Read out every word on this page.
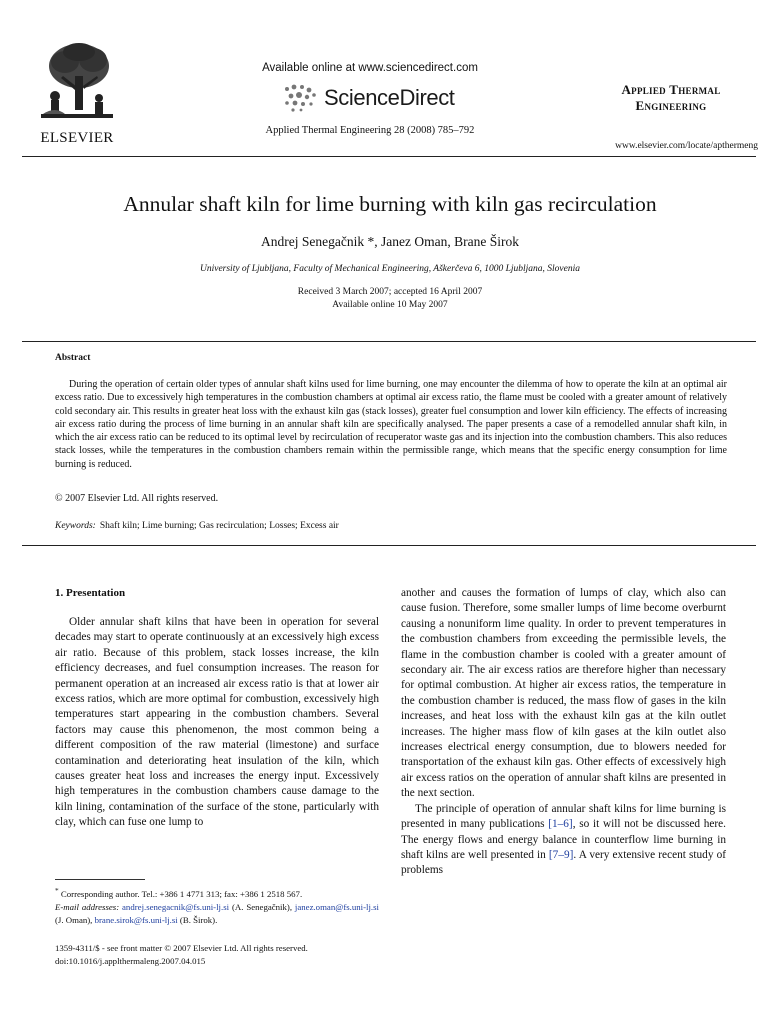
ELSEVIER
Available online at www.sciencedirect.com
ScienceDirect
Applied Thermal Engineering 28 (2008) 785–792
Applied Thermal
Engineering
www.elsevier.com/locate/apthermeng
Annular shaft kiln for lime burning with kiln gas recirculation
Andrej Senegačnik *, Janez Oman, Brane Širok
University of Ljubljana, Faculty of Mechanical Engineering, Aškerčeva 6, 1000 Ljubljana, Slovenia
Received 3 March 2007; accepted 16 April 2007
Available online 10 May 2007
Abstract

During the operation of certain older types of annular shaft kilns used for lime burning, one may encounter the dilemma of how to operate the kiln at an optimal air excess ratio. Due to excessively high temperatures in the combustion chambers at optimal air excess ratio, the flame must be cooled with a greater amount of relatively cold secondary air. This results in greater heat loss with the exhaust kiln gas (stack losses), greater fuel consumption and lower kiln efficiency. The effects of increasing air excess ratio during the process of lime burning in an annular shaft kiln are specifically analysed. The paper presents a case of a remodelled annular shaft kiln, in which the air excess ratio can be reduced to its optimal level by recirculation of recuperator waste gas and its injection into the combustion chambers. This also reduces stack losses, while the temperatures in the combustion chambers remain within the permissible range, which means that the specific energy consumption for lime burning is reduced.

© 2007 Elsevier Ltd. All rights reserved.
Keywords: Shaft kiln; Lime burning; Gas recirculation; Losses; Excess air
1. Presentation

Older annular shaft kilns that have been in operation for several decades may start to operate continuously at an excessively high excess air ratio. Because of this problem, stack losses increase, the kiln efficiency decreases, and fuel consumption increases. The reason for permanent operation at an increased air excess ratio is that at lower air excess ratios, which are more optimal for combustion, excessively high temperatures start appearing in the combustion chambers. Several factors may cause this phenomenon, the most common being a different composition of the raw material (limestone) and surface contamination and deteriorating heat insulation of the kiln, which causes greater heat loss and increases the energy input. Excessively high temperatures in the combustion chambers cause damage to the kiln lining, contamination of the surface of the stone, particularly with clay, which can fuse one lump to

another and causes the formation of lumps of clay, which also can cause fusion. Therefore, some smaller lumps of lime become overburnt causing a nonuniform lime quality. In order to prevent temperatures in the combustion chambers from exceeding the permissible levels, the flame in the combustion chamber is cooled with a greater amount of secondary air. The air excess ratios are therefore higher than necessary for optimal combustion. At higher air excess ratios, the temperature in the combustion chamber is reduced, the mass flow of gases in the kiln increases, and heat loss with the exhaust kiln gas at the kiln outlet increases. The higher mass flow of kiln gases at the kiln outlet also increases electrical energy consumption, due to blowers needed for transportation of the exhaust kiln gas. Other effects of excessively high air excess ratios on the operation of annular shaft kilns are presented in the next section.

The principle of operation of annular shaft kilns for lime burning is presented in many publications [1–6], so it will not be discussed here. The energy flows and energy balance in counterflow lime burning in shaft kilns are well presented in [7–9]. A very extensive recent study of problems

* Corresponding author. Tel.: +386 1 4771 313; fax: +386 1 2518 567.
E-mail addresses: andrej.senegacnik@fs.uni-lj.si (A. Senegačnik), janez.oman@fs.uni-lj.si (J. Oman), brane.sirok@fs.uni-lj.si (B. Širok).
1359-4311/$ - see front matter © 2007 Elsevier Ltd. All rights reserved.
doi:10.1016/j.applthermaleng.2007.04.015
